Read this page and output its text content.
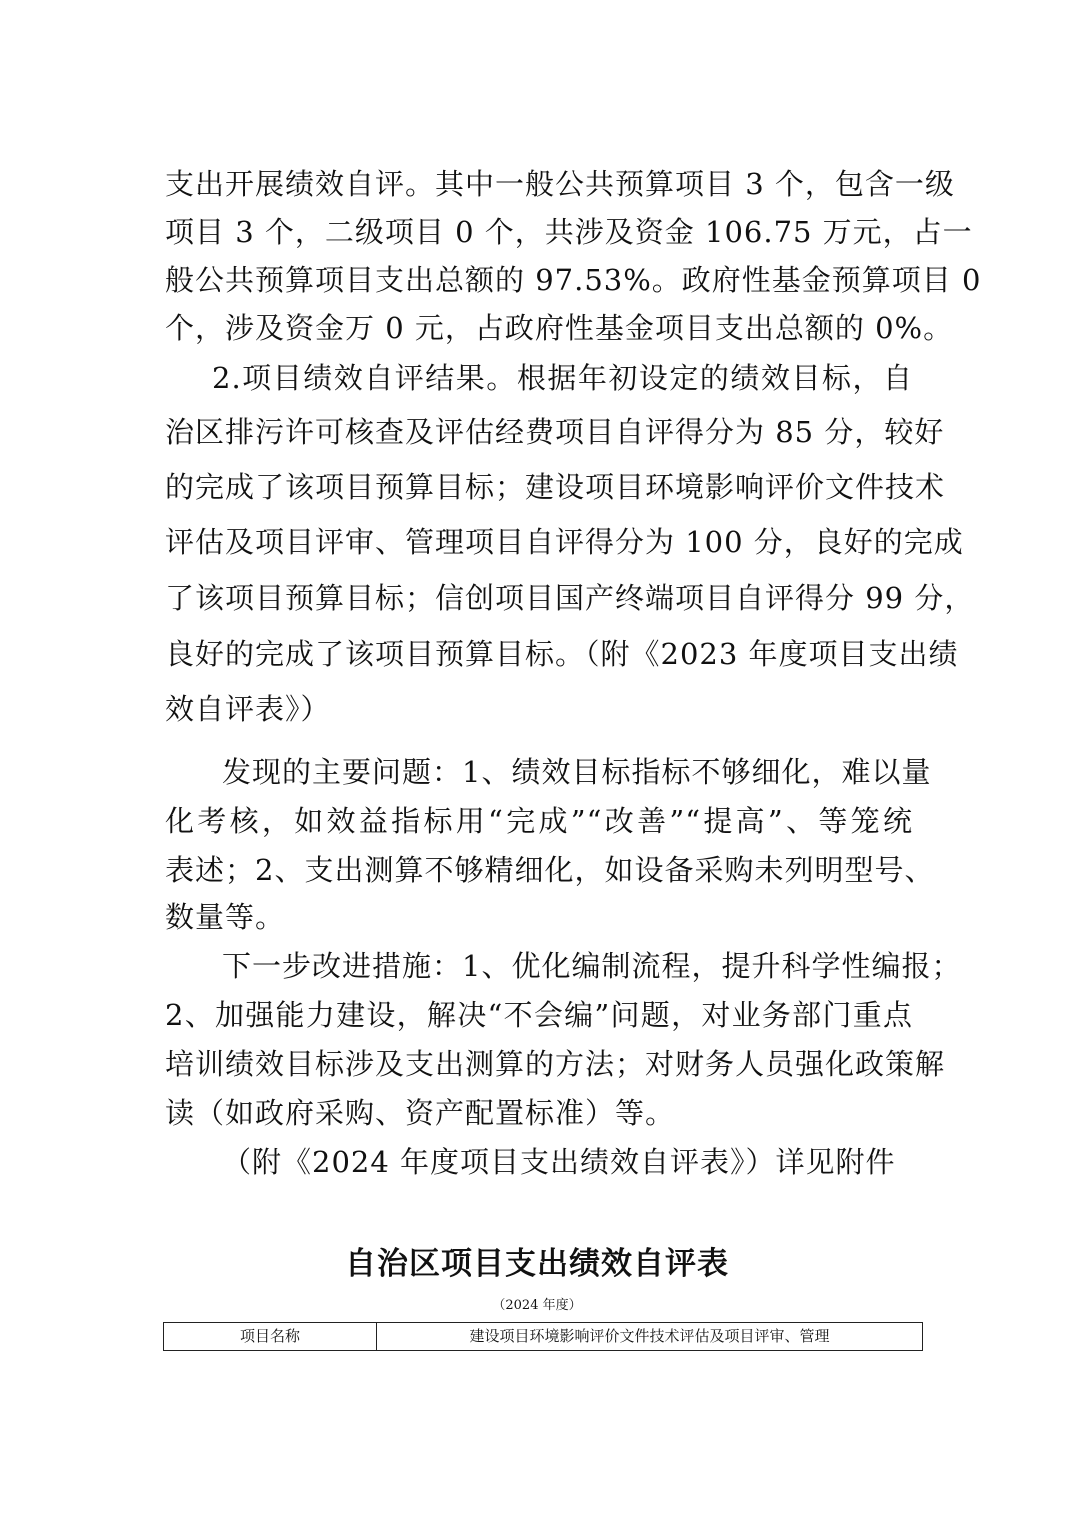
支出开展绩效自评。其中一般公共预算项目 3 个，包含一级
项目 3 个，二级项目 0 个，共涉及资金 106.75 万元，占一
般公共预算项目支出总额的 97.53%。政府性基金预算项目 0
个，涉及资金万 0 元，占政府性基金项目支出总额的 0%。
2.项目绩效自评结果。根据年初设定的绩效目标，自
治区排污许可核查及评估经费项目自评得分为 85 分，较好
的完成了该项目预算目标；建设项目环境影响评价文件技术
评估及项目评审、管理项目自评得分为 100 分，良好的完成
了该项目预算目标；信创项目国产终端项目自评得分 99 分，
良好的完成了该项目预算目标。（附《2023 年度项目支出绩
效自评表》）
发现的主要问题：1、绩效目标指标不够细化，难以量
化考核，如效益指标用“完成”“改善”“提高”、等笼统
表述；2、支出测算不够精细化，如设备采购未列明型号、
数量等。
下一步改进措施：1、优化编制流程，提升科学性编报；
2、加强能力建设，解决“不会编”问题，对业务部门重点
培训绩效目标涉及支出测算的方法；对财务人员强化政策解
读（如政府采购、资产配置标准）等。
（附《2024 年度项目支出绩效自评表》）详见附件
自治区项目支出绩效自评表
（2024 年度）
项目名称	建设项目环境影响评价文件技术评估及项目评审、管理
